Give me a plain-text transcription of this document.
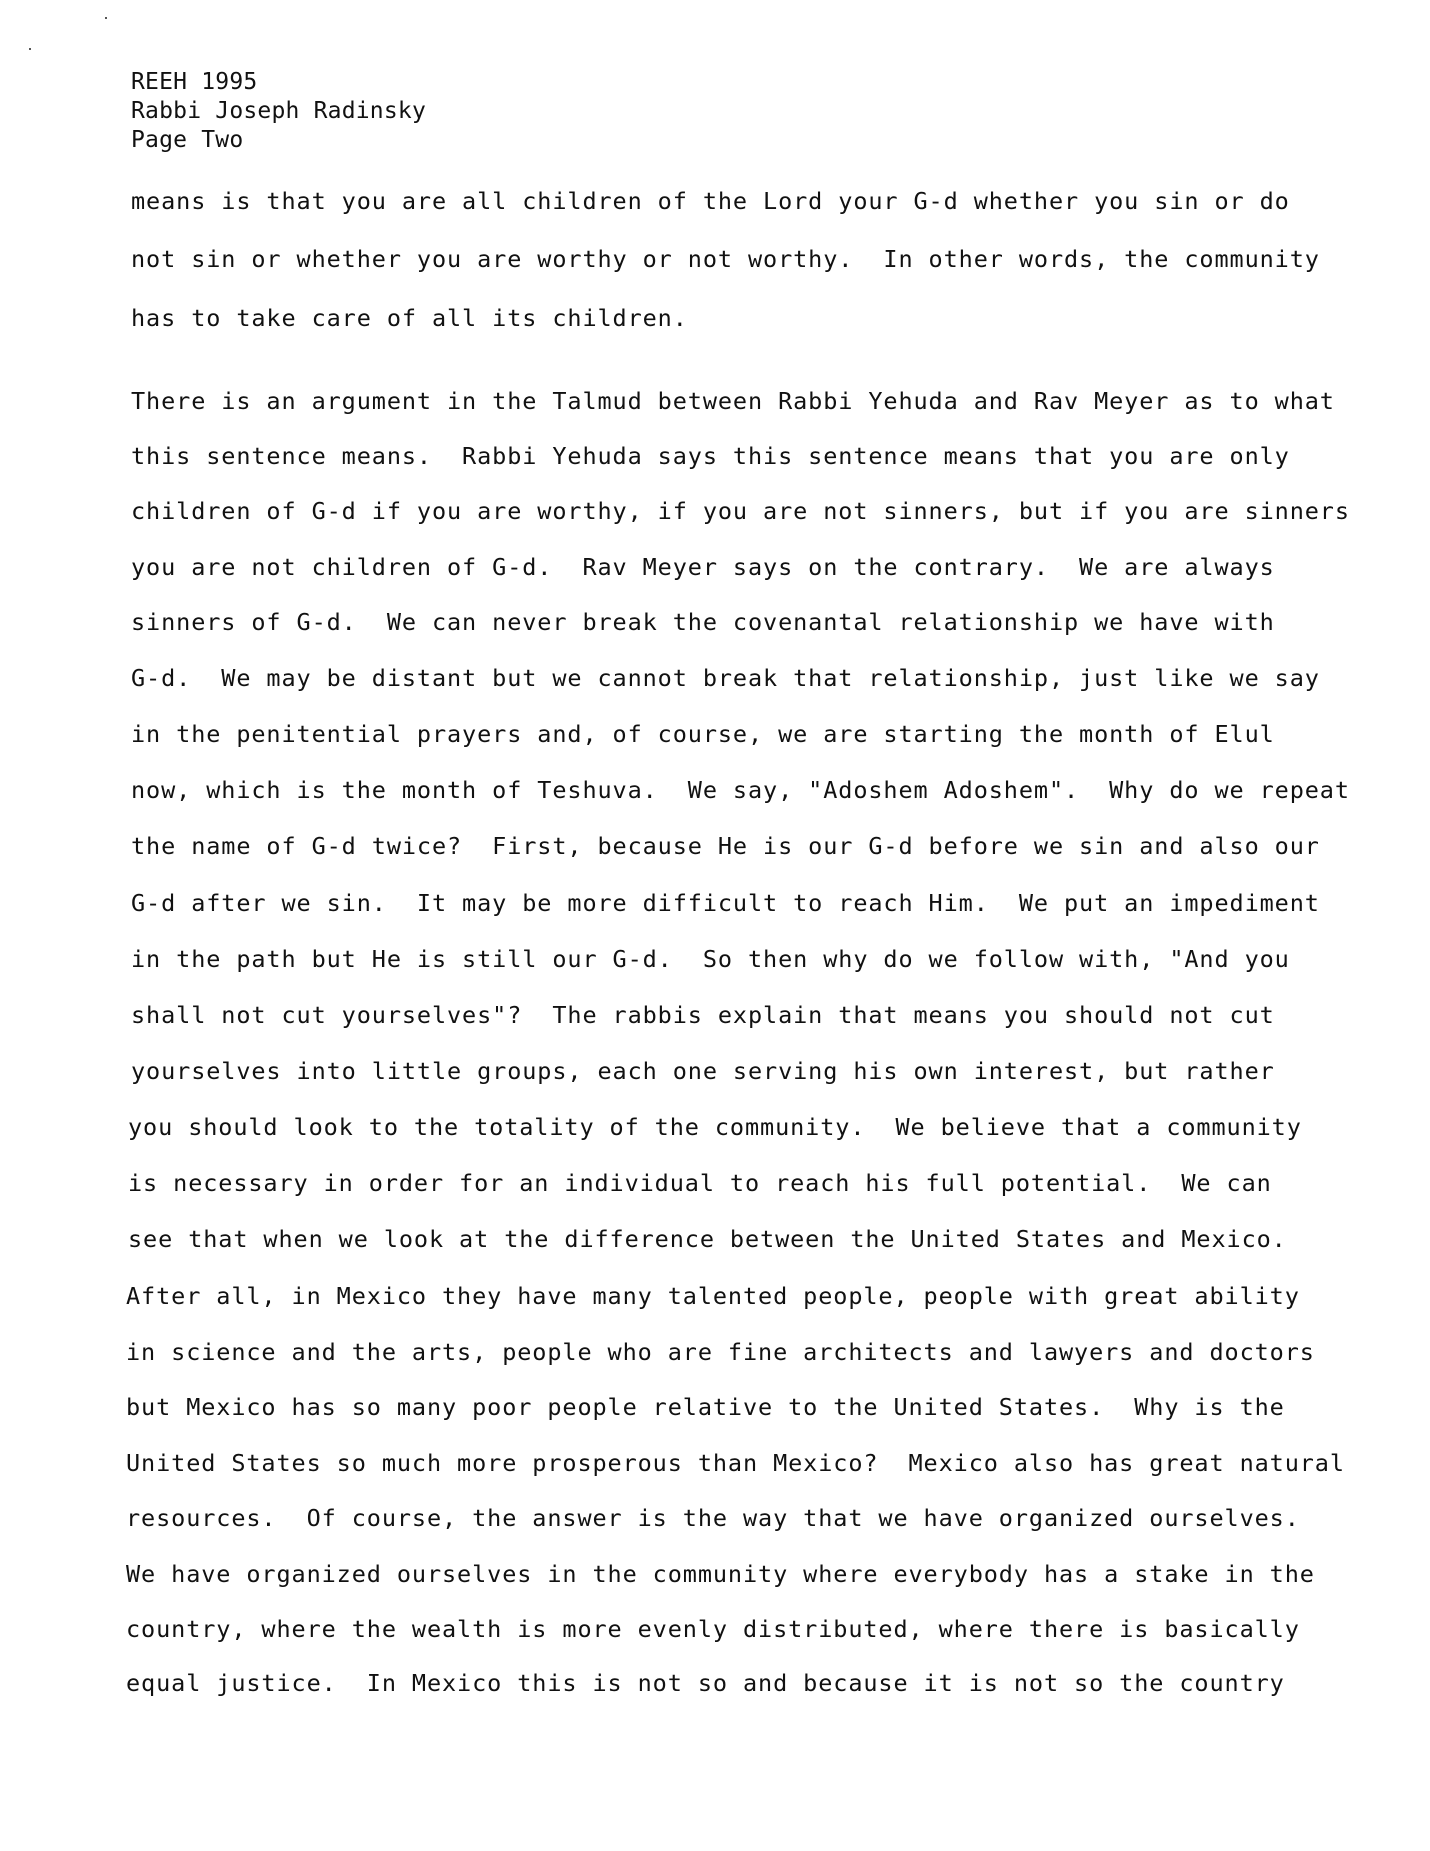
REEH 1995
Rabbi Joseph Radinsky
Page Two
means is that you are all children of the Lord your G-d whether you sin or do
not sin or whether you are worthy or not worthy.  In other words, the community
has to take care of all its children.
There is an argument in the Talmud between Rabbi Yehuda and Rav Meyer as to what
this sentence means.  Rabbi Yehuda says this sentence means that you are only
children of G-d if you are worthy, if you are not sinners, but if you are sinners
you are not children of G-d.  Rav Meyer says on the contrary.  We are always
sinners of G-d.  We can never break the covenantal relationship we have with
G-d.  We may be distant but we cannot break that relationship, just like we say
in the penitential prayers and, of course, we are starting the month of Elul
now, which is the month of Teshuva.  We say, "Adoshem Adoshem".  Why do we repeat
the name of G-d twice?  First, because He is our G-d before we sin and also our
G-d after we sin.  It may be more difficult to reach Him.  We put an impediment
in the path but He is still our G-d.  So then why do we follow with, "And you
shall not cut yourselves"?  The rabbis explain that means you should not cut
yourselves into little groups, each one serving his own interest, but rather
you should look to the totality of the community.  We believe that a community
is necessary in order for an individual to reach his full potential.  We can
see that when we look at the difference between the United States and Mexico.
After all, in Mexico they have many talented people, people with great ability
in science and the arts, people who are fine architects and lawyers and doctors
but Mexico has so many poor people relative to the United States.  Why is the
United States so much more prosperous than Mexico?  Mexico also has great natural
resources.  Of course, the answer is the way that we have organized ourselves.
We have organized ourselves in the community where everybody has a stake in the
country, where the wealth is more evenly distributed, where there is basically
equal justice.  In Mexico this is not so and because it is not so the country
